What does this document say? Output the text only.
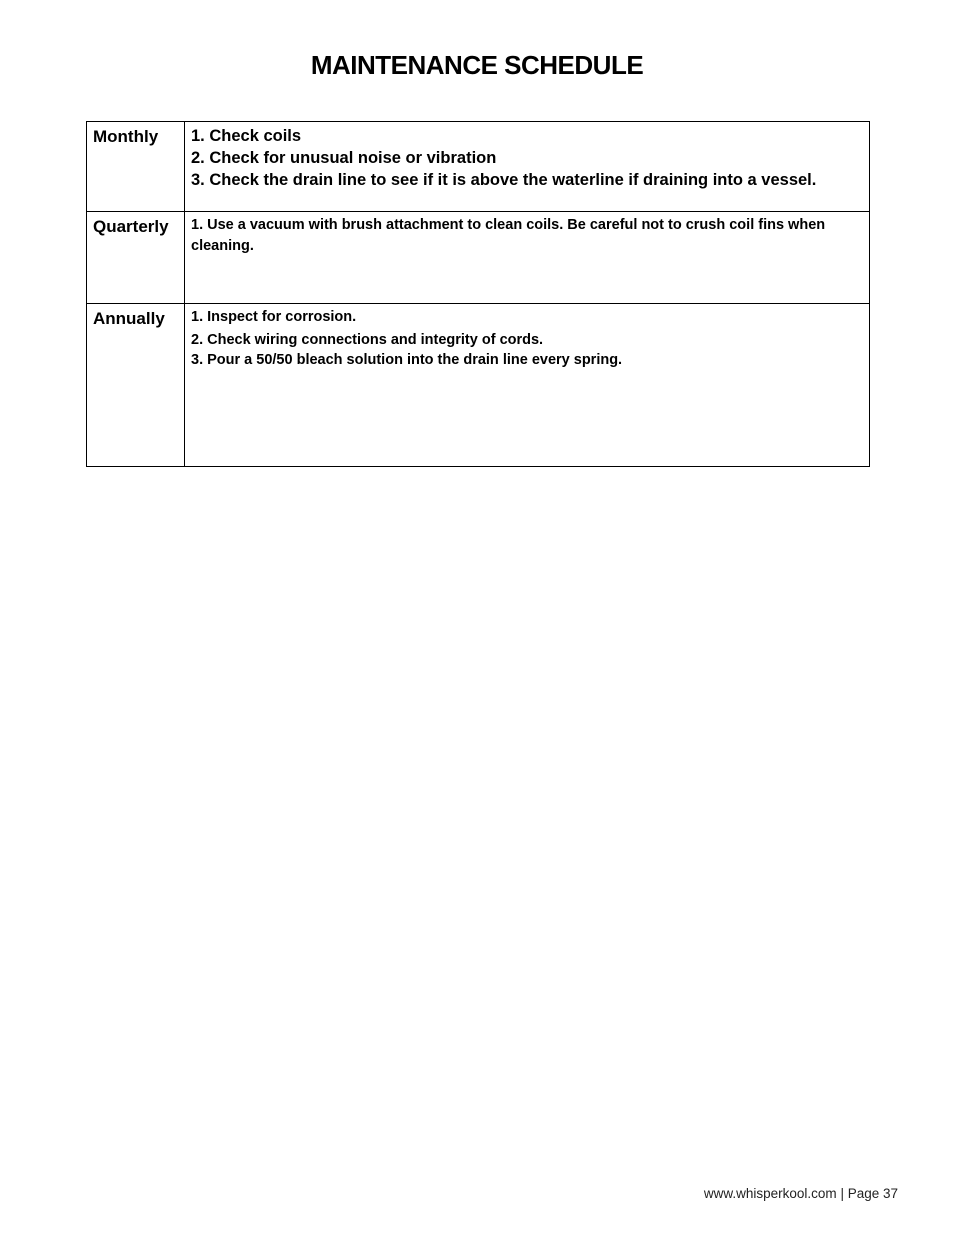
MAINTENANCE SCHEDULE
Monthly	1. Check coils
2. Check for unusual noise or vibration
3. Check the drain line to see if it is above the waterline if draining into a vessel.

Quarterly	1. Use a vacuum with brush attachment to clean coils. Be careful not to crush coil fins when cleaning.

Annually	1. Inspect for corrosion.
2. Check wiring connections and integrity of cords.
3. Pour a 50/50 bleach solution into the drain line every spring.
www.whisperkool.com | Page 37
